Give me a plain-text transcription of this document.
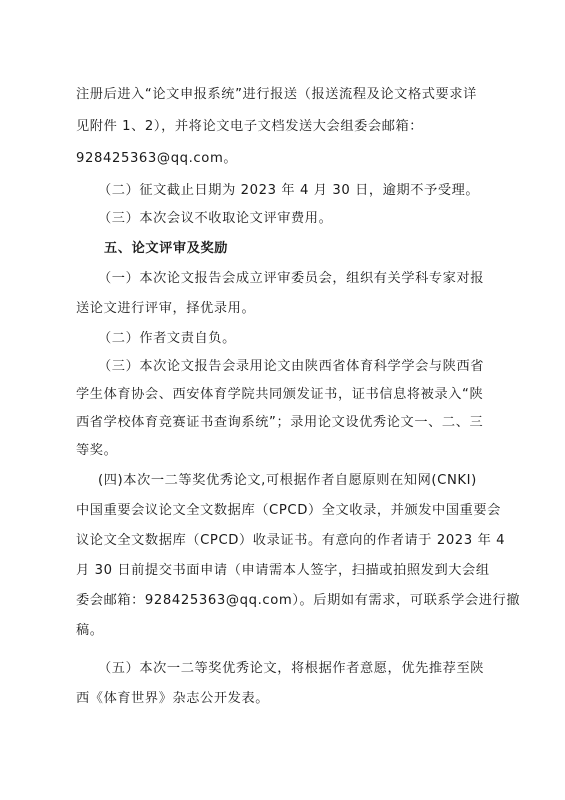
注册后进入“论文申报系统”进行报送（报送流程及论文格式要求详
见附件 1、2），并将论文电子文档发送大会组委会邮箱：
928425363@qq.com。
（二）征文截止日期为 2023 年 4 月 30 日，逾期不予受理。
（三）本次会议不收取论文评审费用。
五、论文评审及奖励
（一）本次论文报告会成立评审委员会，组织有关学科专家对报
送论文进行评审，择优录用。
（二）作者文责自负。
（三）本次论文报告会录用论文由陕西省体育科学学会与陕西省
学生体育协会、西安体育学院共同颁发证书，证书信息将被录入“陕
西省学校体育竞赛证书查询系统”；录用论文设优秀论文一、二、三
等奖。
(四)本次一二等奖优秀论文,可根据作者自愿原则在知网(CNKI)
中国重要会议论文全文数据库（CPCD）全文收录，并颁发中国重要会
议论文全文数据库（CPCD）收录证书。有意向的作者请于 2023 年 4
月 30 日前提交书面申请（申请需本人签字，扫描或拍照发到大会组
委会邮箱：928425363@qq.com）。后期如有需求，可联系学会进行撤
稿。
（五）本次一二等奖优秀论文，将根据作者意愿，优先推荐至陕
西《体育世界》杂志公开发表。
